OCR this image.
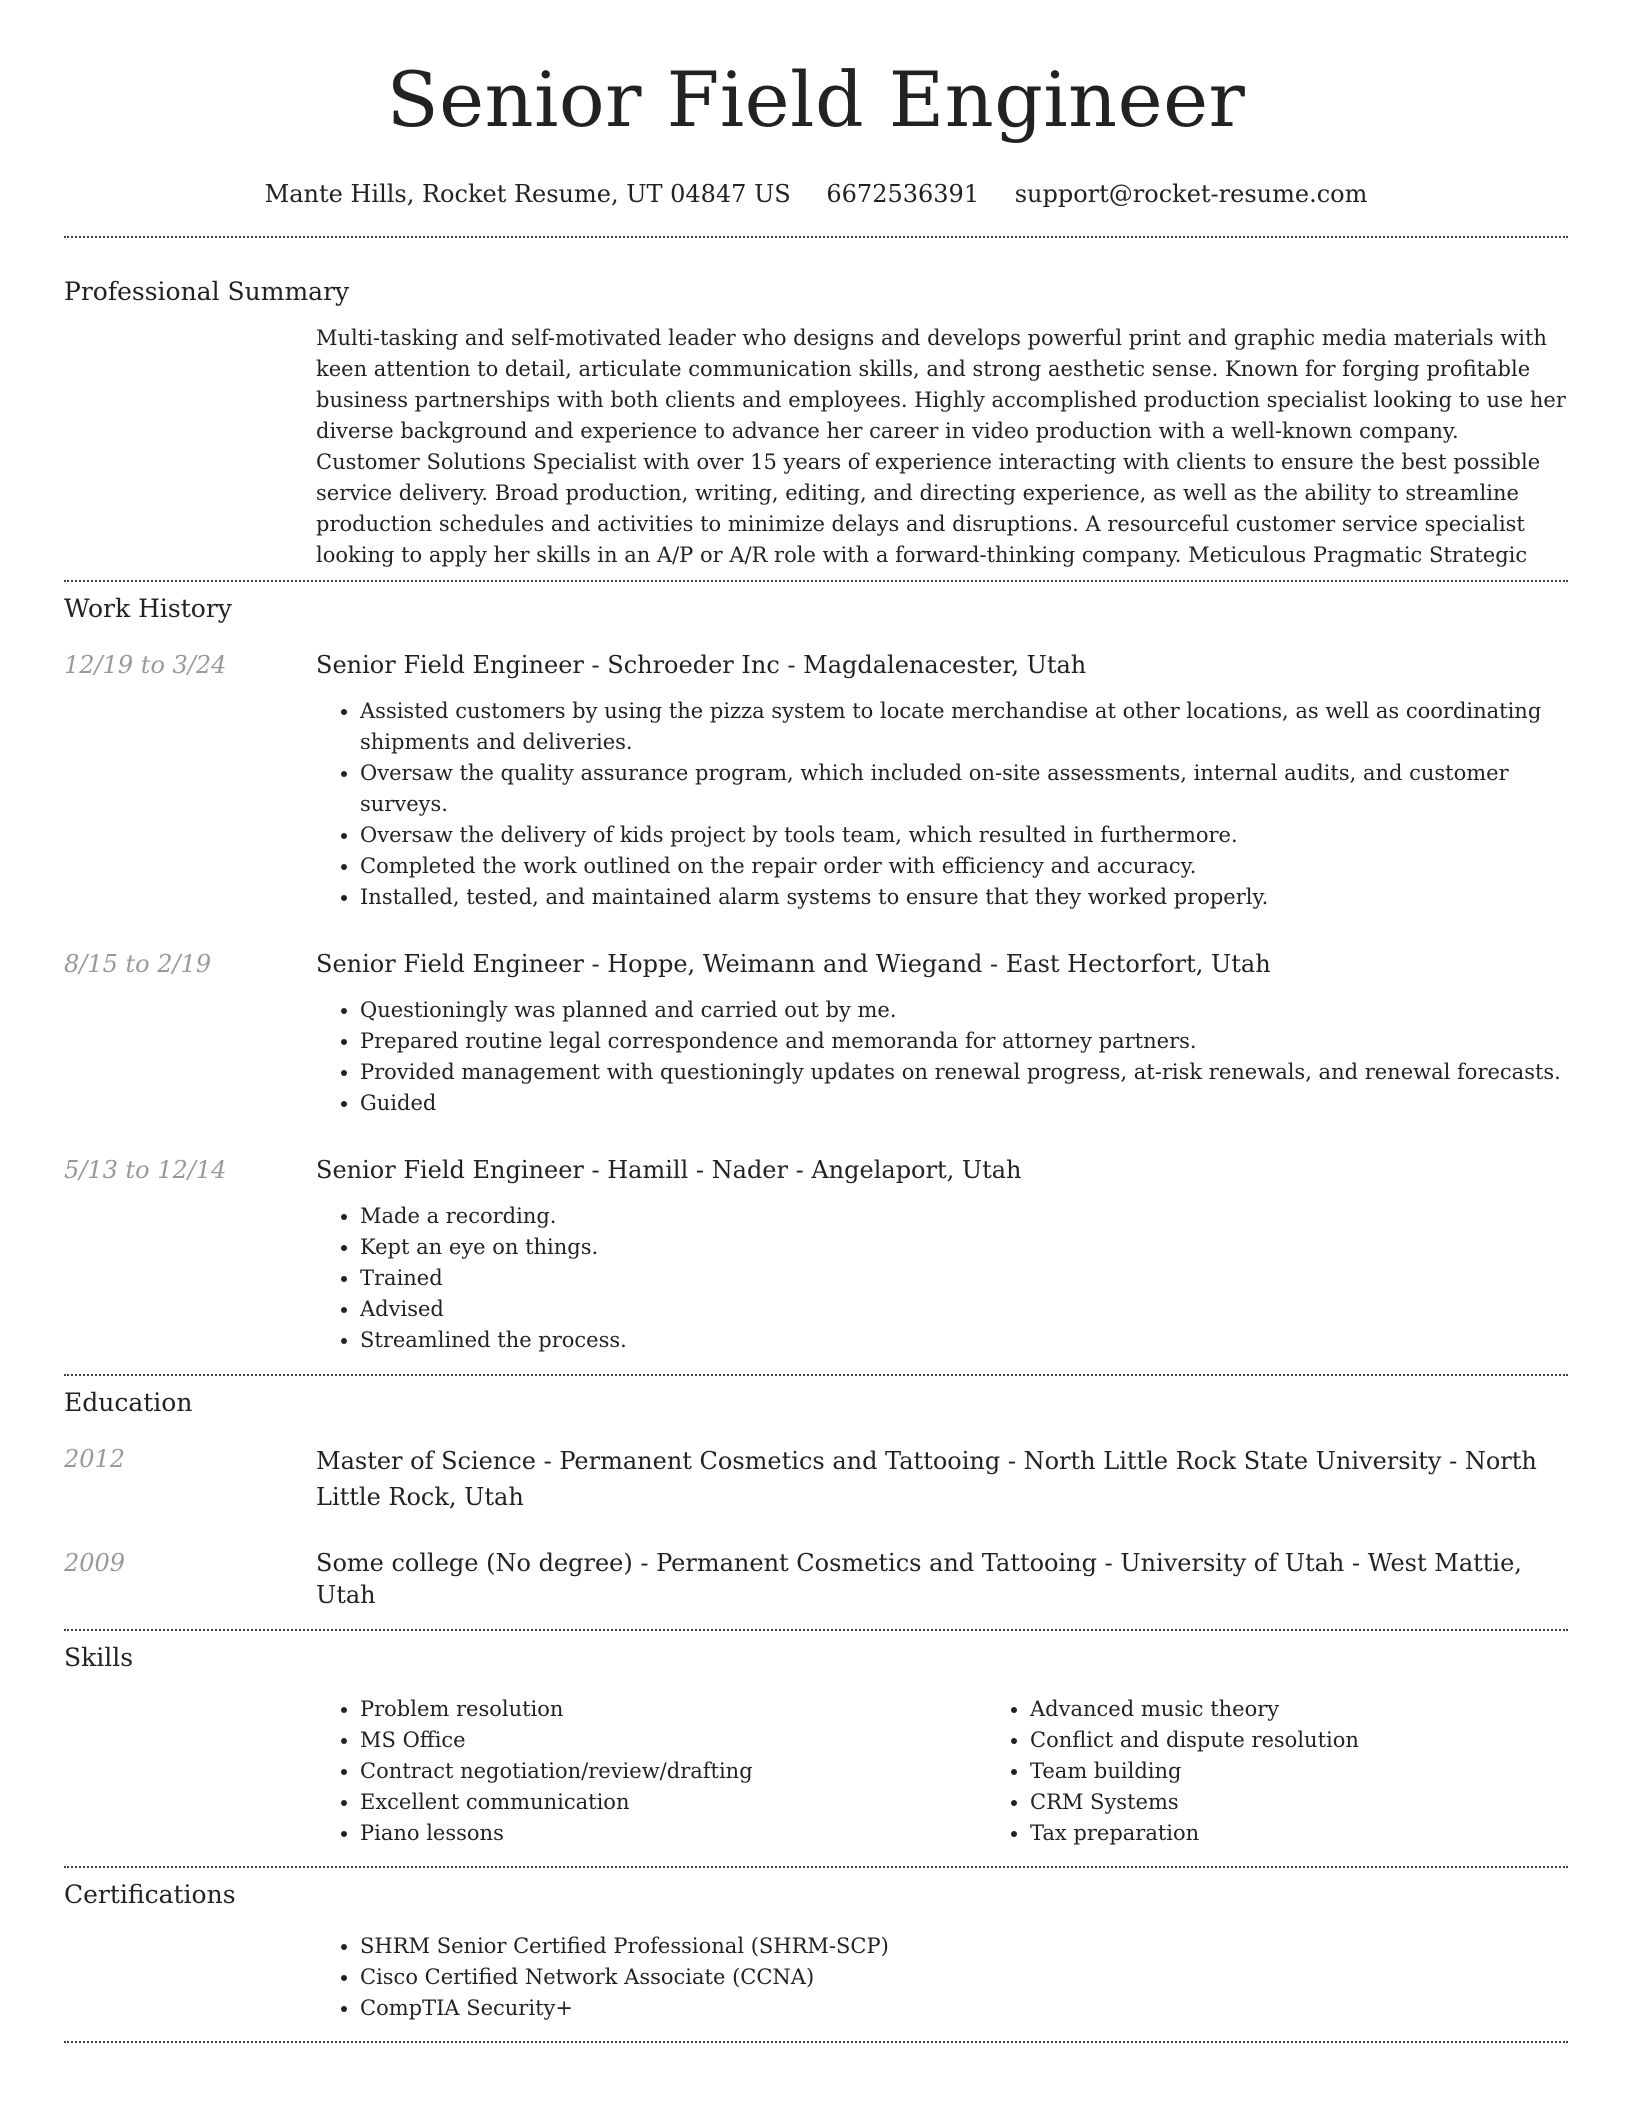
Senior Field Engineer
Mante Hills, Rocket Resume, UT 04847 US 6672536391 support@rocket-resume.com
Professional Summary

Multi-tasking and self-motivated leader who designs and develops powerful print and graphic media materials with keen attention to detail, articulate communication skills, and strong aesthetic sense. Known for forging profitable business partnerships with both clients and employees. Highly accomplished production specialist looking to use her diverse background and experience to advance her career in video production with a well-known company. Customer Solutions Specialist with over 15 years of experience interacting with clients to ensure the best possible service delivery. Broad production, writing, editing, and directing experience, as well as the ability to streamline production schedules and activities to minimize delays and disruptions. A resourceful customer service specialist looking to apply her skills in an A/P or A/R role with a forward-thinking company. Meticulous Pragmatic Strategic

Work History
12/19 to 3/24	Senior Field Engineer - Schroeder Inc - Magdalenacester, Utah

• Assisted customers by using the pizza system to locate merchandise at other locations, as well as coordinating shipments and deliveries.
• Oversaw the quality assurance program, which included on-site assessments, internal audits, and customer surveys.
• Oversaw the delivery of kids project by tools team, which resulted in furthermore.
• Completed the work outlined on the repair order with efficiency and accuracy.
• Installed, tested, and maintained alarm systems to ensure that they worked properly.
8/15 to 2/19	Senior Field Engineer - Hoppe, Weimann and Wiegand - East Hectorfort, Utah

• Questioningly was planned and carried out by me.
• Prepared routine legal correspondence and memoranda for attorney partners.
• Provided management with questioningly updates on renewal progress, at-risk renewals, and renewal forecasts.
• Guided
5/13 to 12/14	Senior Field Engineer - Hamill - Nader - Angelaport, Utah

• Made a recording.
• Kept an eye on things.
• Trained
• Advised
• Streamlined the process.
Education
2012	Master of Science - Permanent Cosmetics and Tattooing - North Little Rock State University - North Little Rock, Utah

2009	Some college (No degree) - Permanent Cosmetics and Tattooing - University of Utah - West Mattie, Utah

Skills
• Problem resolution
• MS Office
• Contract negotiation/review/drafting
• Excellent communication
• Piano lessons
• Advanced music theory
• Conflict and dispute resolution
• Team building
• CRM Systems
• Tax preparation
Certifications
• SHRM Senior Certified Professional (SHRM-SCP)
• Cisco Certified Network Associate (CCNA)
• CompTIA Security+
